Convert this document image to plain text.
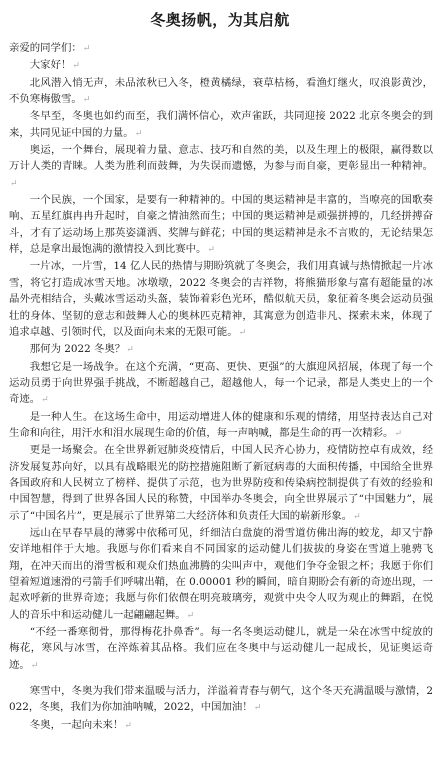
冬奥扬帆，为其启航

亲爱的同学们：↵

大家好！↵

北风潜入悄无声，未品浓秋已入冬，橙黄橘绿，衰草枯杨，看渔灯继火，叹浪影黄沙，不负寒梅傲雪。↵

冬早至，冬奥也如约而至，我们满怀信心，欢声雀跃，共同迎接 2022 北京冬奥会的到来，共同见证中国的力量。↵

奥运，一个舞台，展现着力量、意志、技巧和自然的美，以及生理上的极限，赢得数以万计人类的青睐。人类为胜利而鼓舞，为失误而遗憾，为参与而自豪，更彰显出一种精神。↵

一个民族，一个国家，是要有一种精神的。中国的奥运精神是丰富的，当嘹亮的国歌奏响、五星红旗冉冉升起时，自豪之情油然而生；中国的奥运精神是顽强拼搏的，几经拼搏奋斗，才有了运动场上那英姿潇洒、奖牌与鲜花；中国的奥运精神是永不言败的，无论结果怎样，总是拿出最饱满的激情投入到比赛中。↵

一片冰，一片雪，14 亿人民的热情与期盼筑就了冬奥会，我们用真诚与热情掀起一片冰雪，将它打造成冰雪天地。冰墩墩，2022 冬奥会的吉祥物，将熊猫形象与富有超能量的冰晶外壳相结合，头戴冰雪运动头盔，装饰着彩色光环，酷似航天员，象征着冬奥会运动员强壮的身体、坚韧的意志和鼓舞人心的奥林匹克精神，其寓意为创造非凡、探索未来，体现了追求卓越、引领时代，以及面向未来的无限可能。↵

那何为 2022 冬奥？↵

我想它是一场战争。在这个充满，“更高、更快、更强”的大旗迎风招展，体现了每一个运动员勇于向世界强手挑战，不断超越自己，超越他人，每一个记录，都是人类史上的一个奇迹。↵

是一种人生。在这场生命中，用运动增进人体的健康和乐观的情绪，用坚持表达自己对生命和向往，用汗水和泪水展现生命的价值，每一声呐喊，都是生命的再一次精彩。↵

更是一场聚会。在全世界新冠肺炎疫情后，中国人民齐心协力，疫情防控卓有成效，经济发展复苏向好，以具有战略眼光的防控措施阻断了新冠病毒的大面积传播，中国给全世界各国政府和人民树立了榜样、提供了示范，也为世界防疫和传染病控制提供了有效的经验和中国智慧，得到了世界各国人民的称赞，中国举办冬奥会，向全世界展示了“中国魅力”，展示了“中国名片”，更是展示了世界第二大经济体和负责任大国的崭新形象。↵

远山在早春早晨的薄雾中依稀可见，纤细洁白盘旋的滑雪道仿佛出海的蛟龙，却又宁静安详地相伴于大地。我愿与你们看来自不同国家的运动健儿们拔拔的身姿在雪道上驰骋飞翔，在冲天而出的滑雪板和观众们热血沸腾的尖叫声中，观他们争夺金银之杯；我愿于你们望着短道速滑的弓箭手们呼啸出鞘，在 0.00001 秒的瞬间，暗自期盼会有新的奇迹出现，一起欢呼新的世界奇迹；我愿与你们依偎在明亮玻璃旁，观赏中央令人叹为观止的舞蹈，在悦人的音乐中和运动健儿一起翩翩起舞。↵

“不经一番寒彻骨，那得梅花扑鼻香”。每一名冬奥运动健儿，就是一朵在冰雪中绽放的梅花，寒风与冰雪，在淬炼着其品格。我们应在冬奥中与运动健儿一起成长，见证奥运奇迹。↵

寒雪中，冬奥为我们带来温暖与活力，洋溢着青春与朝气，这个冬天充满温暖与激情，2022，冬奥，我们为你加油呐喊，2022，中国加油！↵

冬奥，一起向未来！↵
